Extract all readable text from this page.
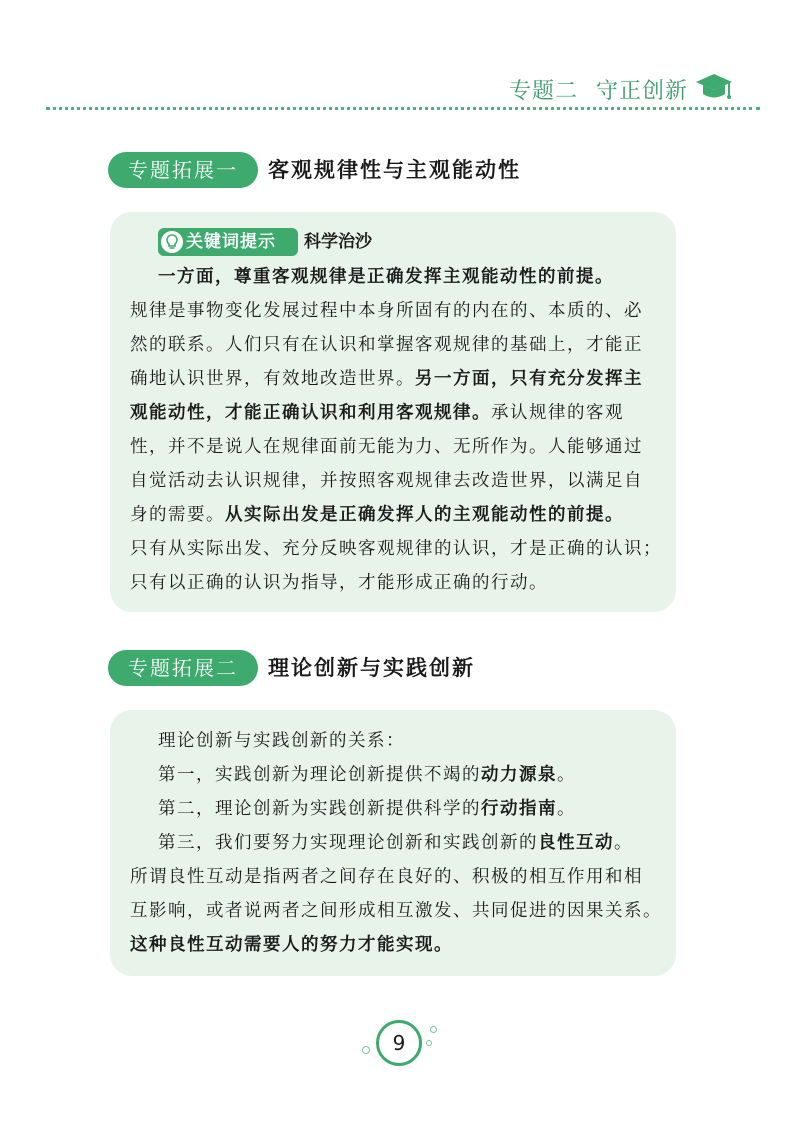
专题二 守正创新
专题拓展一	客观规律性与主观能动性
关键词提示 科学治沙
一方面，尊重客观规律是正确发挥主观能动性的前提。
规律是事物变化发展过程中本身所固有的内在的、本质的、必
然的联系。人们只有在认识和掌握客观规律的基础上，才能正
确地认识世界，有效地改造世界。另一方面，只有充分发挥主
观能动性，才能正确认识和利用客观规律。承认规律的客观
性，并不是说人在规律面前无能为力、无所作为。人能够通过
自觉活动去认识规律，并按照客观规律去改造世界，以满足自
身的需要。从实际出发是正确发挥人的主观能动性的前提。
只有从实际出发、充分反映客观规律的认识，才是正确的认识；
只有以正确的认识为指导，才能形成正确的行动。
专题拓展二	理论创新与实践创新
理论创新与实践创新的关系：
第一，实践创新为理论创新提供不竭的动力源泉。
第二，理论创新为实践创新提供科学的行动指南。
第三，我们要努力实现理论创新和实践创新的良性互动。
所谓良性互动是指两者之间存在良好的、积极的相互作用和相
互影响，或者说两者之间形成相互激发、共同促进的因果关系。
这种良性互动需要人的努力才能实现。
9
